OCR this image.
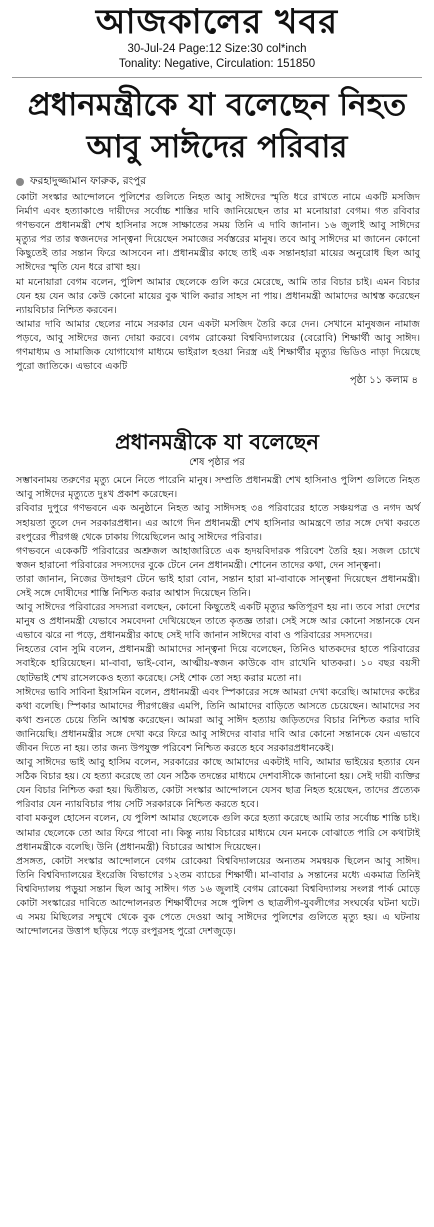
আজকালের খবর
30-Jul-24 Page:12 Size:30 col*inch
Tonality: Negative, Circulation: 151850
প্রধানমন্ত্রীকে যা বলেছেন নিহত
আবু সাঈদের পরিবার
ফরহাদুজ্জামান ফারুক, রংপুর

কোটা সংস্কার আন্দোলনে পুলিশের গুলিতে নিহত আবু সাঈদের স্মৃতি ধরে রাখতে নামে একটি মসজিদ নির্মাণ এবং হত্যাকাণ্ডে দায়ীদের সর্বোচ্চ শাস্তির দাবি জানিয়েছেন তার মা মনোয়ারা বেগম। গত রবিবার গণভবনে প্রধানমন্ত্রী শেখ হাসিনার সঙ্গে সাক্ষাতের সময় তিনি এ দাবি জানান। ১৬ জুলাই আবু সাঈদের মৃত্যুর পর তার স্বজনদের সান্ত্বনা দিয়েছেন সমাজের সর্বস্তরের মানুষ। তবে আবু সাঈদের মা জানেন কোনো কিছুতেই তার সন্তান ফিরে আসবেন না। প্রধানমন্ত্রীর কাছে তাই এক সন্তানহারা মায়ের অনুরোধ ছিল আবু সাঈদের স্মৃতি যেন ধরে রাখা হয়।

মা মনোয়ারা বেগম বলেন, পুলিশ আমার ছেলেকে গুলি করে মেরেছে, আমি তার বিচার চাই। এমন বিচার যেন হয় যেন আর কেউ কোনো মায়ের বুক খালি করার সাহস না পায়। প্রধানমন্ত্রী আমাদের আশ্বস্ত করেছেন ন্যায়বিচার নিশ্চিত করবেন।

আমার দাবি আমার ছেলের নামে সরকার যেন একটা মসজিদ তৈরি করে দেন। সেখানে মানুষজন নামাজ পড়বে, আবু সাঈদের জন্য দোয়া করবে। বেগম রোকেয়া বিশ্ববিদ্যালয়ের (বেরোবি) শিক্ষার্থী আবু সাঈদ। গণমাধ্যম ও সামাজিক যোগাযোগ মাধ্যমে ভাইরাল হওয়া নিরস্ত্র এই শিক্ষার্থীর মৃত্যুর ভিডিও নাড়া দিয়েছে পুরো জাতিকে। এভাবে একটি

পৃষ্ঠা ১১ কলাম ৪
প্রধানমন্ত্রীকে যা বলেছেন
শেষ পৃষ্ঠার পর

সম্ভাবনাময় তরুণের মৃত্যু মেনে নিতে পারেনি মানুষ। সম্প্রতি প্রধানমন্ত্রী শেখ হাসিনাও পুলিশ গুলিতে নিহত আবু সাঈদের মৃত্যুতে দুঃখ প্রকাশ করেছেন।

রবিবার দুপুরে গণভবনে এক অনুষ্ঠানে নিহত আবু সাঈদসহ ৩৪ পরিবারের হাতে সঞ্চয়পত্র ও নগদ অর্থ সহায়তা তুলে দেন সরকারপ্রধান। এর আগে দিন প্রধানমন্ত্রী শেখ হাসিনার আমন্ত্রণে তার সঙ্গে দেখা করতে রংপুরের পীরগঞ্জ থেকে ঢাকায় গিয়েছিলেন আবু সাঈদের পরিবার।

গণভবনে একেকটি পরিবারের অশ্রুজল আহাজারিতে এক হৃদয়বিদারক পরিবেশ তৈরি হয়। সজল চোখে স্বজন হারানো পরিবারের সদস্যদের বুকে টেনে নেন প্রধানমন্ত্রী। শোনেন তাদের কথা, দেন সান্ত্বনা।

তারা জানান, নিজের উদাহরণ টেনে ভাই হারা বোন, সন্তান হারা মা-বাবাকে সান্ত্বনা দিয়েছেন প্রধানমন্ত্রী। সেই সঙ্গে দোষীদের শাস্তি নিশ্চিত করার আশ্বাস দিয়েছেন তিনি।

আবু সাঈদের পরিবারের সদস্যরা বলছেন, কোনো কিছুতেই একটি মৃত্যুর ক্ষতিপূরণ হয় না। তবে সারা দেশের মানুষ ও প্রধানমন্ত্রী যেভাবে সমবেদনা দেখিয়েছেন তাতে কৃতজ্ঞ তারা। সেই সঙ্গে আর কোনো সন্তানকে যেন এভাবে ঝরে না পড়ে, প্রধানমন্ত্রীর কাছে সেই দাবি জানান সাঈদের বাবা ও পরিবারের সদস্যদের।

নিহতের বোন সুমি বলেন, প্রধানমন্ত্রী আমাদের সান্ত্বনা দিয়ে বলেছেন, তিনিও ঘাতকদের হাতে পরিবারের সবাইকে হারিয়েছেন। মা-বাবা, ভাই-বোন, আত্মীয়-স্বজন কাউকে বাদ রাখেনি ঘাতকরা। ১০ বছর বয়সী ছোটভাই শেখ রাসেলকেও হত্যা করেছে। সেই শোক তো সহ্য করার মতো না।

সাঈদের ভাবি সাবিনা ইয়াসমিন বলেন, প্রধানমন্ত্রী এবং স্পিকারের সঙ্গে আমরা দেখা করেছি। আমাদের কষ্টের কথা বলেছি। স্পিকার আমাদের পীরগঞ্জের এমপি, তিনি আমাদের বাড়িতে আসতে চেয়েছেন। আমাদের সব কথা শুনতে চেয়ে তিনি আশ্বস্ত করেছেন। আমরা আবু সাঈদ হত্যায় জড়িতদের বিচার নিশ্চিত করার দাবি জানিয়েছি। প্রধানমন্ত্রীর সঙ্গে দেখা করে ফিরে আবু সাঈদের বাবার দাবি আর কোনো সন্তানকে যেন এভাবে জীবন দিতে না হয়। তার জন্য উপযুক্ত পরিবেশ নিশ্চিত করতে হবে সরকারপ্রধানকেই।

আবু সাঈদের ভাই আবু হাসিম বলেন, সরকারের কাছে আমাদের একটাই দাবি, আমার ভাইয়ের হত্যার যেন সঠিক বিচার হয়। যে হত্যা করেছে তা যেন সঠিক তদন্তের মাধ্যমে দেশবাসীকে জানানো হয়। সেই দায়ী ব্যক্তির যেন বিচার নিশ্চিত করা হয়। দ্বিতীয়ত, কোটা সংস্কার আন্দোলনে যেসব ছাত্র নিহত হয়েছেন, তাদের প্রত্যেক পরিবার যেন ন্যায়বিচার পায় সেটি সরকারকে নিশ্চিত করতে হবে।

বাবা মকবুল হোসেন বলেন, যে পুলিশ আমার ছেলেকে গুলি করে হত্যা করেছে আমি তার সর্বোচ্চ শাস্তি চাই। আমার ছেলেকে তো আর ফিরে পাবো না। কিন্তু ন্যায় বিচারের মাধ্যমে যেন মনকে বোঝাতে পারি সে কথাটাই প্রধানমন্ত্রীকে বলেছি। উনি (প্রধানমন্ত্রী) বিচারের আশ্বাস দিয়েছেন।

প্রসঙ্গত, কোটা সংস্কার আন্দোলনে বেগম রোকেয়া বিশ্ববিদ্যালয়ের অন্যতম সমন্বয়ক ছিলেন আবু সাঈদ। তিনি বিশ্ববিদ্যালয়ের ইংরেজি বিভাগের ১২তম ব্যাচের শিক্ষার্থী। মা-বাবার ৯ সন্তানের মধ্যে একমাত্র তিনিই বিশ্ববিদ্যালয় পড়ুয়া সন্তান ছিল আবু সাঈদ। গত ১৬ জুলাই বেগম রোকেয়া বিশ্ববিদ্যালয় সংলগ্ন পার্ক মোড়ে কোটা সংস্কারের দাবিতে আন্দোলনরত শিক্ষার্থীদের সঙ্গে পুলিশ ও ছাত্রলীগ-যুবলীগের সংঘর্ষের ঘটনা ঘটে। এ সময় মিছিলের সম্মুখে থেকে বুক পেতে দেওয়া আবু সাঈদের পুলিশের গুলিতে মৃত্যু হয়। এ ঘটনায় আন্দোলনের উত্তাপ ছড়িয়ে পড়ে রংপুরসহ পুরো দেশজুড়ে।
